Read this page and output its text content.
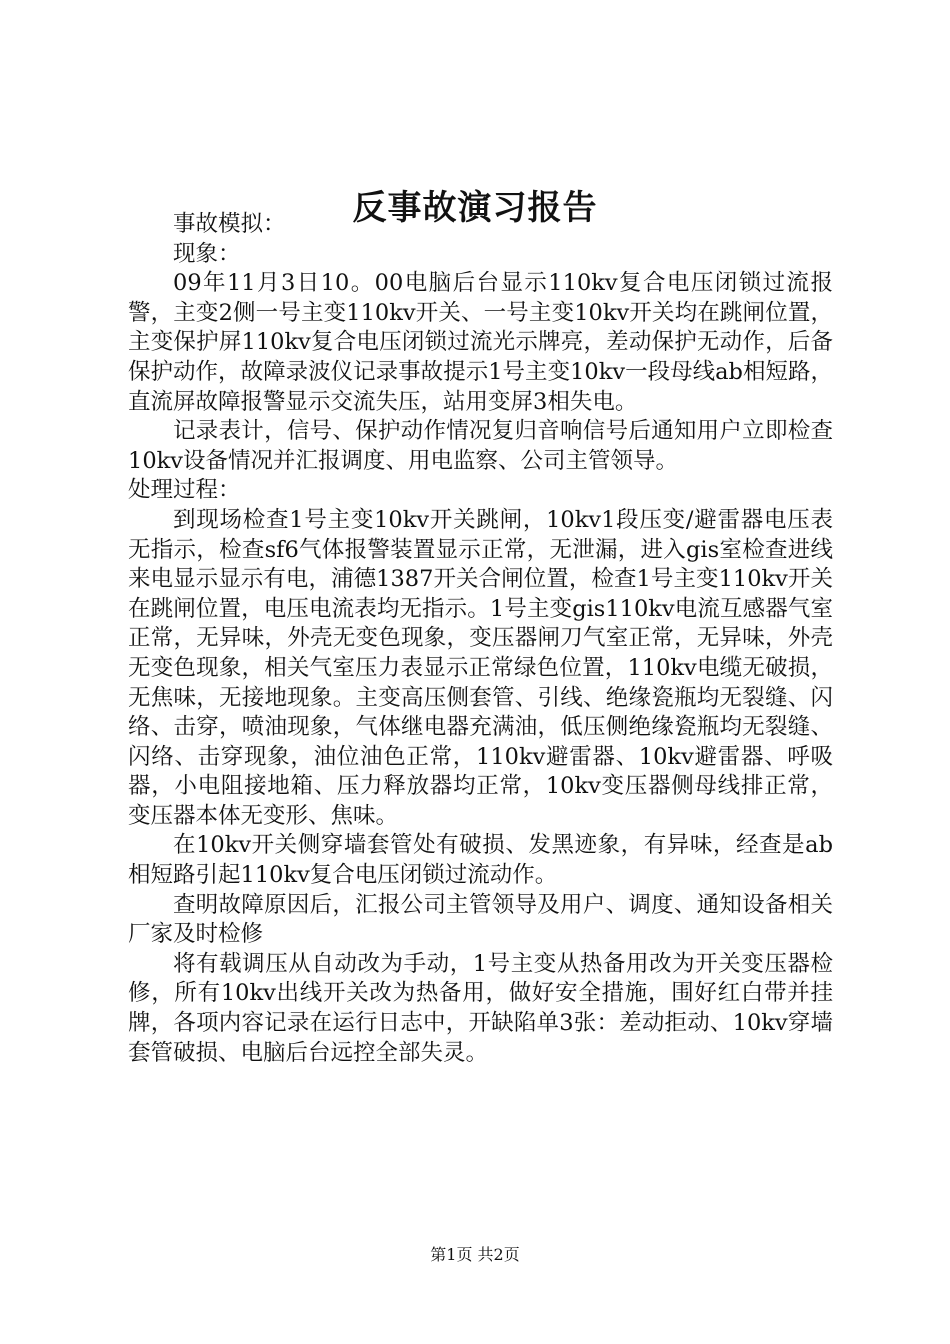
反事故演习报告

事故模拟：

现象：

09年11月3日10。00电脑后台显示110kv复合电压闭锁过流报警，主变2侧一号主变110kv开关、一号主变10kv开关均在跳闸位置，主变保护屏110kv复合电压闭锁过流光示牌亮，差动保护无动作，后备保护动作，故障录波仪记录事故提示1号主变10kv一段母线ab相短路，直流屏故障报警显示交流失压，站用变屏3相失电。

记录表计，信号、保护动作情况复归音响信号后通知用户立即检查10kv设备情况并汇报调度、用电监察、公司主管领导。

处理过程：

到现场检查1号主变10kv开关跳闸，10kv1段压变/避雷器电压表无指示，检查sf6气体报警装置显示正常，无泄漏，进入gis室检查进线来电显示显示有电，浦德1387开关合闸位置，检查1号主变110kv开关在跳闸位置，电压电流表均无指示。1号主变gis110kv电流互感器气室正常，无异味，外壳无变色现象，变压器闸刀气室正常，无异味，外壳无变色现象，相关气室压力表显示正常绿色位置，110kv电缆无破损，无焦味，无接地现象。主变高压侧套管、引线、绝缘瓷瓶均无裂缝、闪络、击穿，喷油现象，气体继电器充满油，低压侧绝缘瓷瓶均无裂缝、闪络、击穿现象，油位油色正常，110kv避雷器、10kv避雷器、呼吸器，小电阻接地箱、压力释放器均正常，10kv变压器侧母线排正常，变压器本体无变形、焦味。

在10kv开关侧穿墙套管处有破损、发黑迹象，有异味，经查是ab相短路引起110kv复合电压闭锁过流动作。

查明故障原因后，汇报公司主管领导及用户、调度、通知设备相关厂家及时检修

将有载调压从自动改为手动，1号主变从热备用改为开关变压器检修，所有10kv出线开关改为热备用，做好安全措施，围好红白带并挂牌，各项内容记录在运行日志中，开缺陷单3张：差动拒动、10kv穿墙套管破损、电脑后台远控全部失灵。

第1页 共2页
